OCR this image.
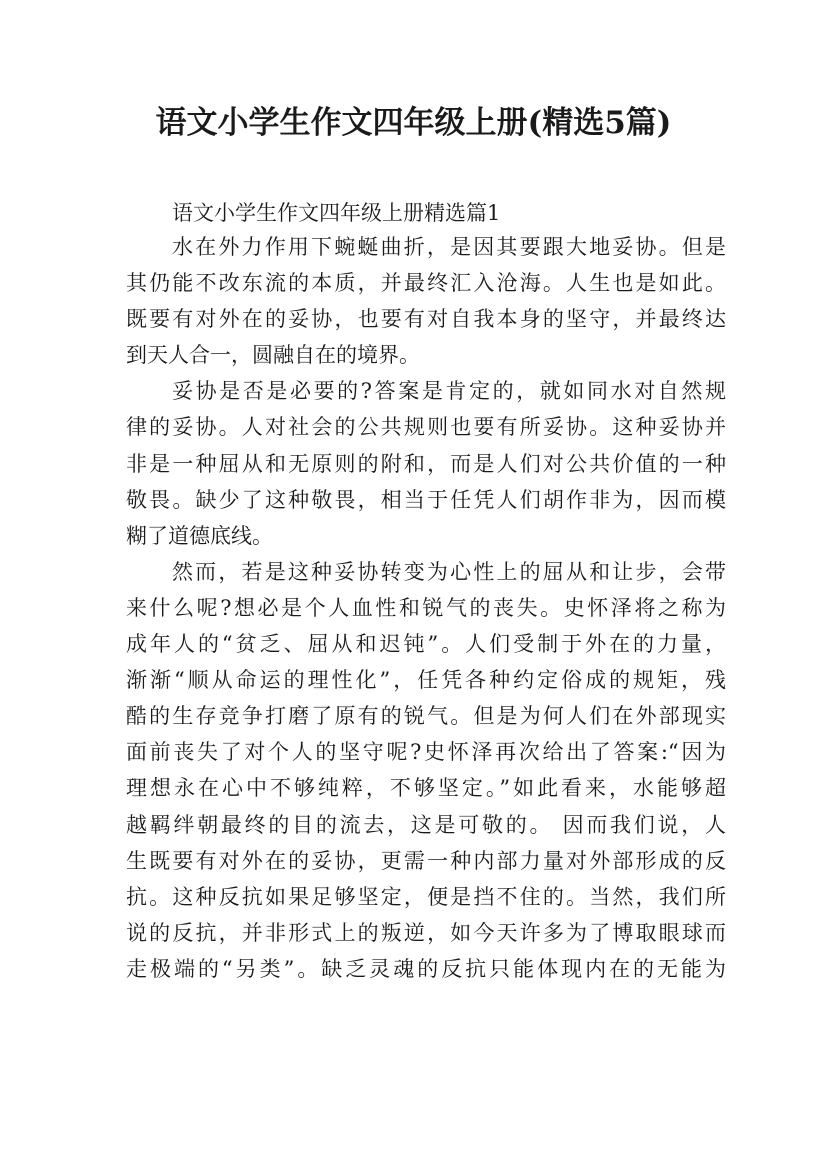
语文小学生作文四年级上册(精选5篇)
语文小学生作文四年级上册精选篇1
水在外力作用下蜿蜒曲折，是因其要跟大地妥协。但是
其仍能不改东流的本质，并最终汇入沧海。人生也是如此。
既要有对外在的妥协，也要有对自我本身的坚守，并最终达
到天人合一，圆融自在的境界。
妥协是否是必要的?答案是肯定的，就如同水对自然规
律的妥协。人对社会的公共规则也要有所妥协。这种妥协并
非是一种屈从和无原则的附和，而是人们对公共价值的一种
敬畏。缺少了这种敬畏，相当于任凭人们胡作非为，因而模
糊了道德底线。
然而，若是这种妥协转变为心性上的屈从和让步，会带
来什么呢?想必是个人血性和锐气的丧失。史怀泽将之称为
成年人的“贫乏、屈从和迟钝”。人们受制于外在的力量，
渐渐“顺从命运的理性化”，任凭各种约定俗成的规矩，残
酷的生存竞争打磨了原有的锐气。但是为何人们在外部现实
面前丧失了对个人的坚守呢?史怀泽再次给出了答案:“因为
理想永在心中不够纯粹，不够坚定。”如此看来，水能够超
越羁绊朝最终的目的流去，这是可敬的。 因而我们说，人
生既要有对外在的妥协，更需一种内部力量对外部形成的反
抗。这种反抗如果足够坚定，便是挡不住的。当然，我们所
说的反抗，并非形式上的叛逆，如今天许多为了博取眼球而
走极端的“另类”。缺乏灵魂的反抗只能体现内在的无能为
